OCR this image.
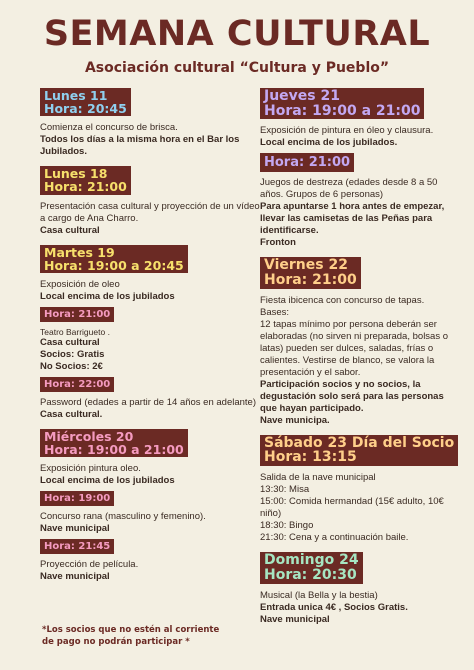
SEMANA CULTURAL
Asociación cultural “Cultura y Pueblo”
Lunes 11
Hora: 20:45

Comienza el concurso de brisca.

Todos los días a la misma hora en el Bar los Jubilados.

Lunes 18
Hora: 21:00

Presentación casa cultural y proyección de un vídeo a cargo de Ana Charro.

Casa cultural

Martes 19
Hora: 19:00 a 20:45

Exposición de oleo

Local encima de los jubilados

Hora: 21:00

Teatro Barrigueto .

Casa cultural

Socios: Gratis

No Socios: 2€

Hora: 22:00

Password (edades a partir de 14 años en adelante)

Casa cultural.

Miércoles 20
Hora: 19:00 a 21:00

Exposición pintura oleo.

Local encima de los jubilados

Hora: 19:00

Concurso rana (masculino y femenino).

Nave municipal

Hora: 21:45

Proyección de película.

Nave municipal

Jueves 21
Hora: 19:00 a 21:00

Exposición de pintura en óleo y clausura.

Local encima de los jubilados.

Hora: 21:00

Juegos de destreza (edades desde 8 a 50 años. Grupos de 6 personas)

Para apuntarse 1 hora antes de empezar, llevar las camisetas de las Peñas para identificarse.

Fronton

Viernes 22
Hora: 21:00

Fiesta ibicenca con concurso de tapas.

Bases:

12 tapas mínimo por persona deberán ser elaboradas (no sirven ni preparada, bolsas o latas) pueden ser dulces, saladas, frías o calientes. Vestirse de blanco, se valora la presentación y el sabor.

Participación socios y no socios, la degustación solo será para las personas que hayan participado.

Nave municipa.

Sábado 23 Día del Socio
Hora: 13:15

Salida de la nave municipal

13:30: Misa

15:00: Comida hermandad (15€ adulto, 10€ niño)

18:30: Bingo

21:30: Cena y a continuación baile.

Domingo 24
Hora: 20:30

Musical (la Bella y la bestia)

Entrada unica 4€ , Socios Gratis.

Nave municipal

*Los socios que no estén al corriente de pago no podrán participar *
